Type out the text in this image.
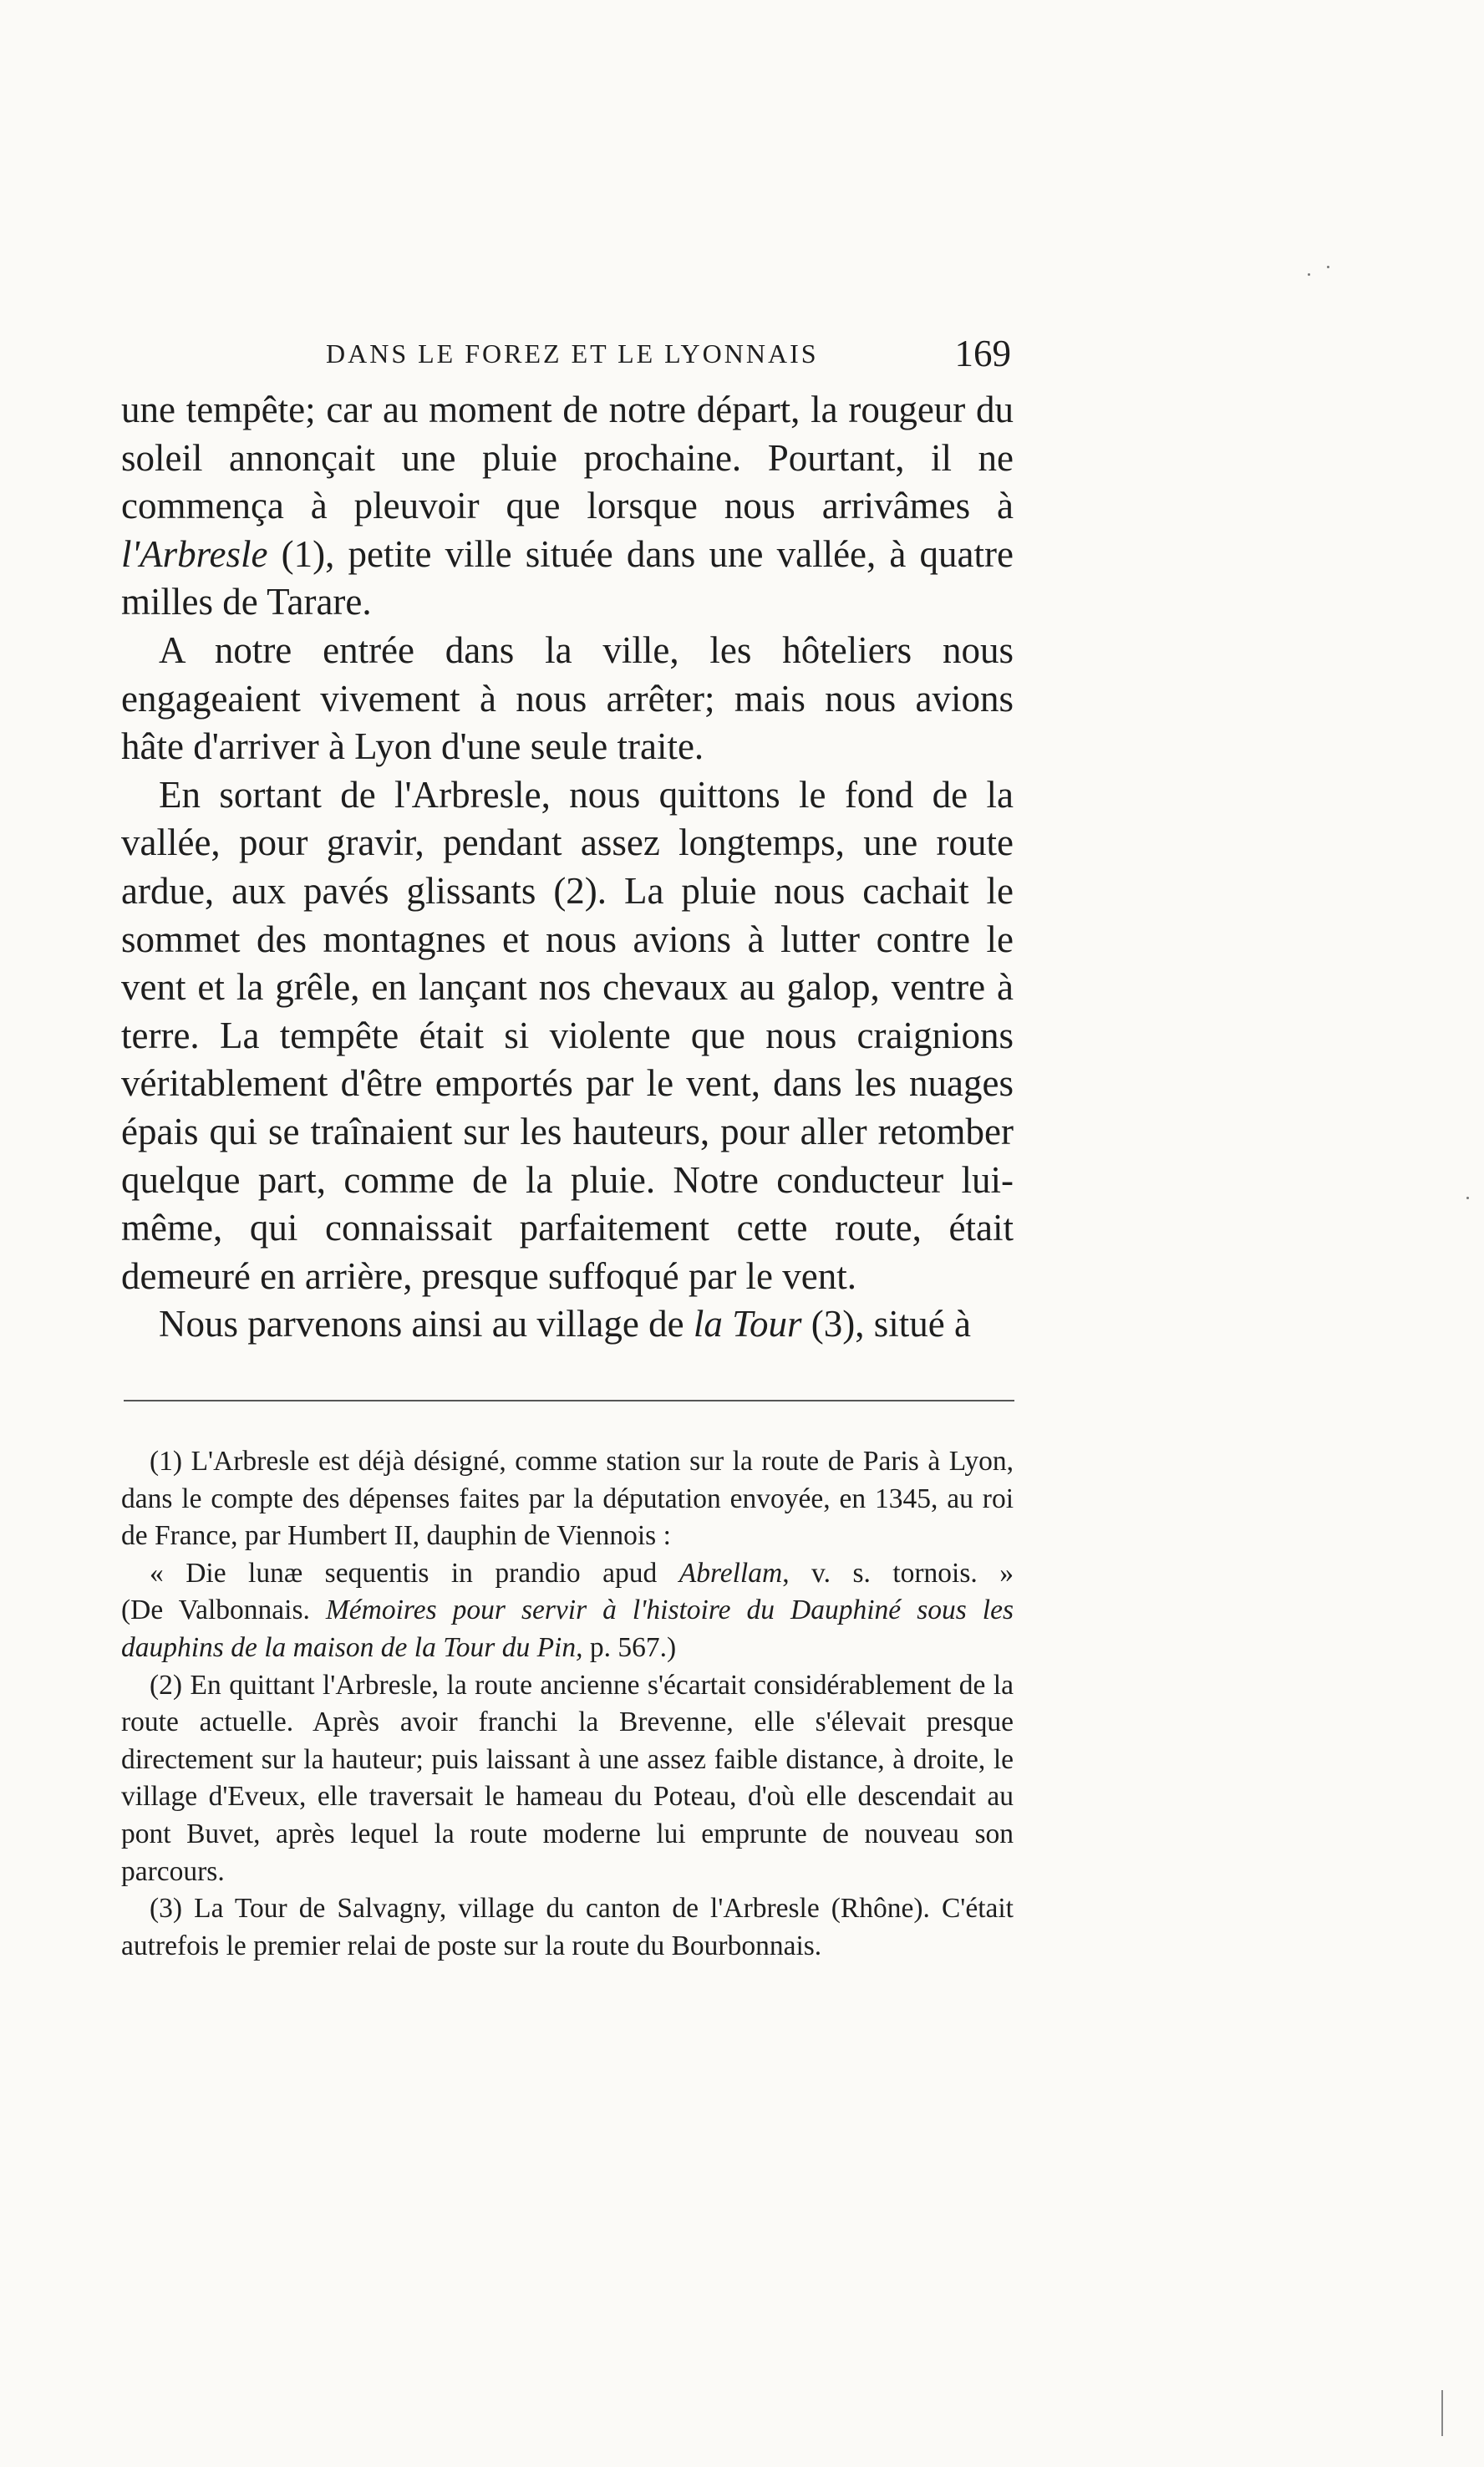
DANS LE FOREZ ET LE LYONNAIS	169

une tempête; car au moment de notre départ, la rougeur du soleil annonçait une pluie prochaine. Pourtant, il ne commença à pleuvoir que lorsque nous arrivâmes à l'Arbresle (1), petite ville située dans une vallée, à quatre milles de Tarare.

A notre entrée dans la ville, les hôteliers nous engageaient vivement à nous arrêter; mais nous avions hâte d'arriver à Lyon d'une seule traite.

En sortant de l'Arbresle, nous quittons le fond de la vallée, pour gravir, pendant assez longtemps, une route ardue, aux pavés glissants (2). La pluie nous cachait le sommet des montagnes et nous avions à lutter contre le vent et la grêle, en lançant nos chevaux au galop, ventre à terre. La tempête était si violente que nous craignions véritablement d'être emportés par le vent, dans les nuages épais qui se traînaient sur les hauteurs, pour aller retomber quelque part, comme de la pluie. Notre conducteur lui-même, qui connaissait parfaitement cette route, était demeuré en arrière, presque suffoqué par le vent.

Nous parvenons ainsi au village de la Tour (3), situé à

(1) L'Arbresle est déjà désigné, comme station sur la route de Paris à Lyon, dans le compte des dépenses faites par la députation envoyée, en 1345, au roi de France, par Humbert II, dauphin de Viennois :

« Die lunæ sequentis in prandio apud Abrellam, v. s. tornois. »

(De Valbonnais. Mémoires pour servir à l'histoire du Dauphiné sous les dauphins de la maison de la Tour du Pin, p. 567.)

(2) En quittant l'Arbresle, la route ancienne s'écartait considérablement de la route actuelle. Après avoir franchi la Brevenne, elle s'élevait presque directement sur la hauteur; puis laissant à une assez faible distance, à droite, le village d'Eveux, elle traversait le hameau du Poteau, d'où elle descendait au pont Buvet, après lequel la route moderne lui emprunte de nouveau son parcours.

(3) La Tour de Salvagny, village du canton de l'Arbresle (Rhône). C'était autrefois le premier relai de poste sur la route du Bourbonnais.
